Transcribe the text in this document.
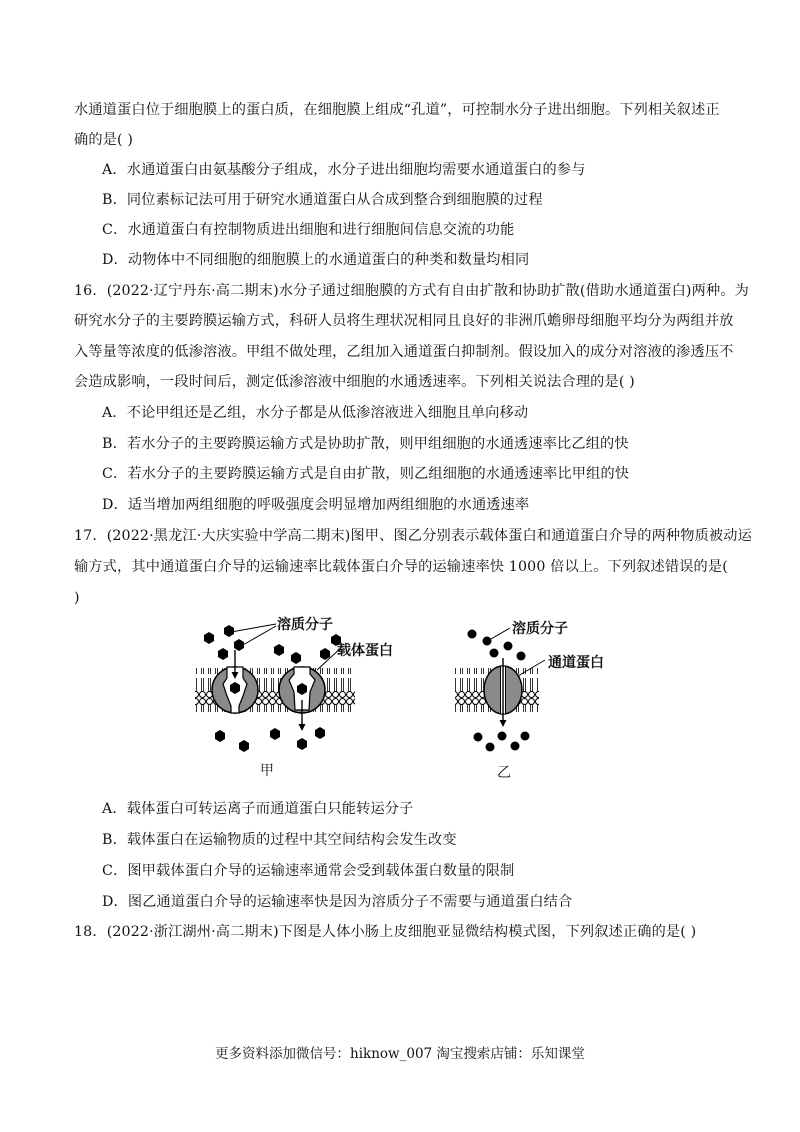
水通道蛋白位于细胞膜上的蛋白质，在细胞膜上组成“孔道”，可控制水分子进出细胞。下列相关叙述正
确的是( )
A．水通道蛋白由氨基酸分子组成，水分子进出细胞均需要水通道蛋白的参与
B．同位素标记法可用于研究水通道蛋白从合成到整合到细胞膜的过程
C．水通道蛋白有控制物质进出细胞和进行细胞间信息交流的功能
D．动物体中不同细胞的细胞膜上的水通道蛋白的种类和数量均相同
16．(2022·辽宁丹东·高二期末)水分子通过细胞膜的方式有自由扩散和协助扩散(借助水通道蛋白)两种。为
研究水分子的主要跨膜运输方式，科研人员将生理状况相同且良好的非洲爪蟾卵母细胞平均分为两组并放
入等量等浓度的低渗溶液。甲组不做处理，乙组加入通道蛋白抑制剂。假设加入的成分对溶液的渗透压不
会造成影响，一段时间后，测定低渗溶液中细胞的水通透速率。下列相关说法合理的是( )
A．不论甲组还是乙组，水分子都是从低渗溶液进入细胞且单向移动
B．若水分子的主要跨膜运输方式是协助扩散，则甲组细胞的水通透速率比乙组的快
C．若水分子的主要跨膜运输方式是自由扩散，则乙组细胞的水通透速率比甲组的快
D．适当增加两组细胞的呼吸强度会明显增加两组细胞的水通透速率
17．(2022·黑龙江·大庆实验中学高二期末)图甲、图乙分别表示载体蛋白和通道蛋白介导的两种物质被动运
输方式，其中通道蛋白介导的运输速率比载体蛋白介导的运输速率快 1000 倍以上。下列叙述错误的是(
)
溶质分子
载体蛋白
溶质分子
通道蛋白
甲	乙
A．载体蛋白可转运离子而通道蛋白只能转运分子
B．载体蛋白在运输物质的过程中其空间结构会发生改变
C．图甲载体蛋白介导的运输速率通常会受到载体蛋白数量的限制
D．图乙通道蛋白介导的运输速率快是因为溶质分子不需要与通道蛋白结合
18．(2022·浙江湖州·高二期末)下图是人体小肠上皮细胞亚显微结构模式图，下列叙述正确的是( )
更多资料添加微信号：hiknow_007 淘宝搜索店铺：乐知课堂
